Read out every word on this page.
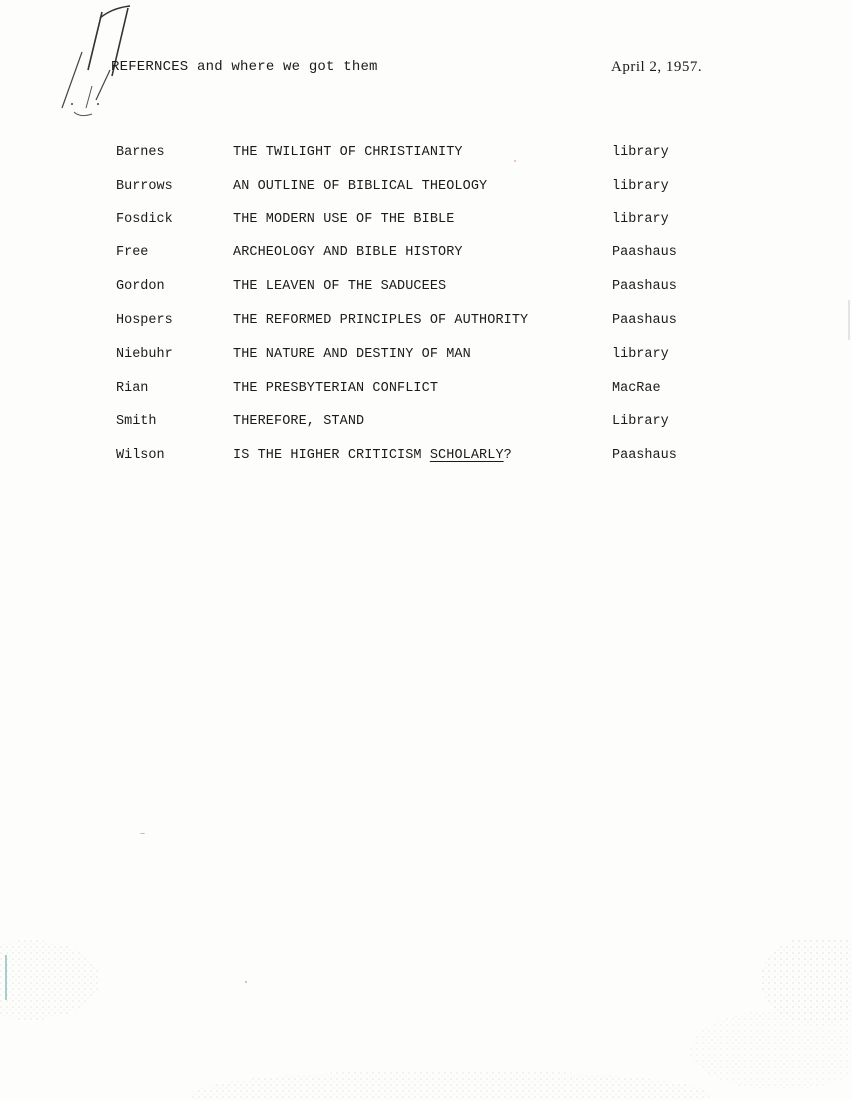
REFERNCES and where we got them	April 2, 1957.
Barnes	THE TWILIGHT OF CHRISTIANITY	library
Burrows	AN OUTLINE OF BIBLICAL THEOLOGY	library
Fosdick	THE MODERN USE OF THE BIBLE	library
Free	ARCHEOLOGY AND BIBLE HISTORY	Paashaus
Gordon	THE LEAVEN OF THE SADUCEES	Paashaus
Hospers	THE REFORMED PRINCIPLES OF AUTHORITY	Paashaus
Niebuhr	THE NATURE AND DESTINY OF MAN	library
Rian	THE PRESBYTERIAN CONFLICT	MacRae
Smith	THEREFORE, STAND	Library
Wilson	IS THE HIGHER CRITICISM SCHOLARLY?	Paashaus
